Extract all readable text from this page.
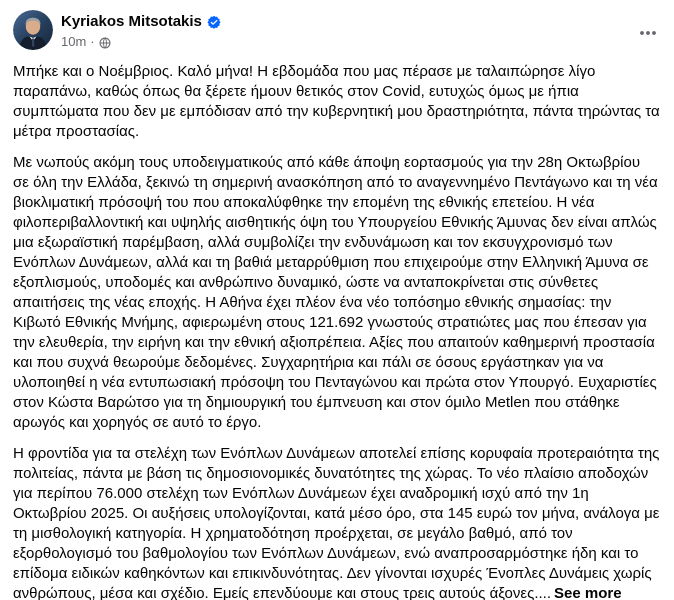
Kyriakos Mitsotakis
10m ·

Μπήκε και ο Νοέμβριος. Καλό μήνα! Η εβδομάδα που μας πέρασε με ταλαιπώρησε λίγο παραπάνω, καθώς όπως θα ξέρετε ήμουν θετικός στον Covid, ευτυχώς όμως με ήπια συμπτώματα που δεν με εμπόδισαν από την κυβερνητική μου δραστηριότητα, πάντα τηρώντας τα μέτρα προστασίας.

Με νωπούς ακόμη τους υποδειγματικούς από κάθε άποψη εορτασμούς για την 28η Οκτωβρίου σε όλη την Ελλάδα, ξεκινώ τη σημερινή ανασκόπηση από το αναγεννημένο Πεντάγωνο και τη νέα βιοκλιματική πρόσοψή του που αποκαλύφθηκε την επομένη της εθνικής επετείου. Η νέα φιλοπεριβαλλοντική και υψηλής αισθητικής όψη του Υπουργείου Εθνικής Άμυνας δεν είναι απλώς μια εξωραϊστική παρέμβαση, αλλά συμβολίζει την ενδυνάμωση και τον εκσυγχρονισμό των Ενόπλων Δυνάμεων, αλλά και τη βαθιά μεταρρύθμιση που επιχειρούμε στην Ελληνική Άμυνα σε εξοπλισμούς, υποδομές και ανθρώπινο δυναμικό, ώστε να ανταποκρίνεται στις σύνθετες απαιτήσεις της νέας εποχής. Η Αθήνα έχει πλέον ένα νέο τοπόσημο εθνικής σημασίας: την Κιβωτό Εθνικής Μνήμης, αφιερωμένη στους 121.692 γνωστούς στρατιώτες μας που έπεσαν για την ελευθερία, την ειρήνη και την εθνική αξιοπρέπεια. Αξίες που απαιτούν καθημερινή προστασία και που συχνά θεωρούμε δεδομένες. Συγχαρητήρια και πάλι σε όσους εργάστηκαν για να υλοποιηθεί η νέα εντυπωσιακή πρόσοψη του Πενταγώνου και πρώτα στον Υπουργό. Ευχαριστίες στον Κώστα Βαρώτσο για τη δημιουργική του έμπνευση και στον όμιλο Metlen που στάθηκε αρωγός και χορηγός σε αυτό το έργο.

Η φροντίδα για τα στελέχη των Ενόπλων Δυνάμεων αποτελεί επίσης κορυφαία προτεραιότητα της πολιτείας, πάντα με βάση τις δημοσιονομικές δυνατότητες της χώρας. Το νέο πλαίσιο αποδοχών για περίπου 76.000 στελέχη των Ενόπλων Δυνάμεων έχει αναδρομική ισχύ από την 1η Οκτωβρίου 2025. Οι αυξήσεις υπολογίζονται, κατά μέσο όρο, στα 145 ευρώ τον μήνα, ανάλογα με τη μισθολογική κατηγορία. Η χρηματοδότηση προέρχεται, σε μεγάλο βαθμό, από τον εξορθολογισμό του βαθμολογίου των Ενόπλων Δυνάμεων, ενώ αναπροσαρμόστηκε ήδη και το επίδομα ειδικών καθηκόντων και επικινδυνότητας. Δεν γίνονται ισχυρές Ένοπλες Δυνάμεις χωρίς ανθρώπους, μέσα και σχέδιο. Εμείς επενδύουμε και στους τρεις αυτούς άξονες.... See more
